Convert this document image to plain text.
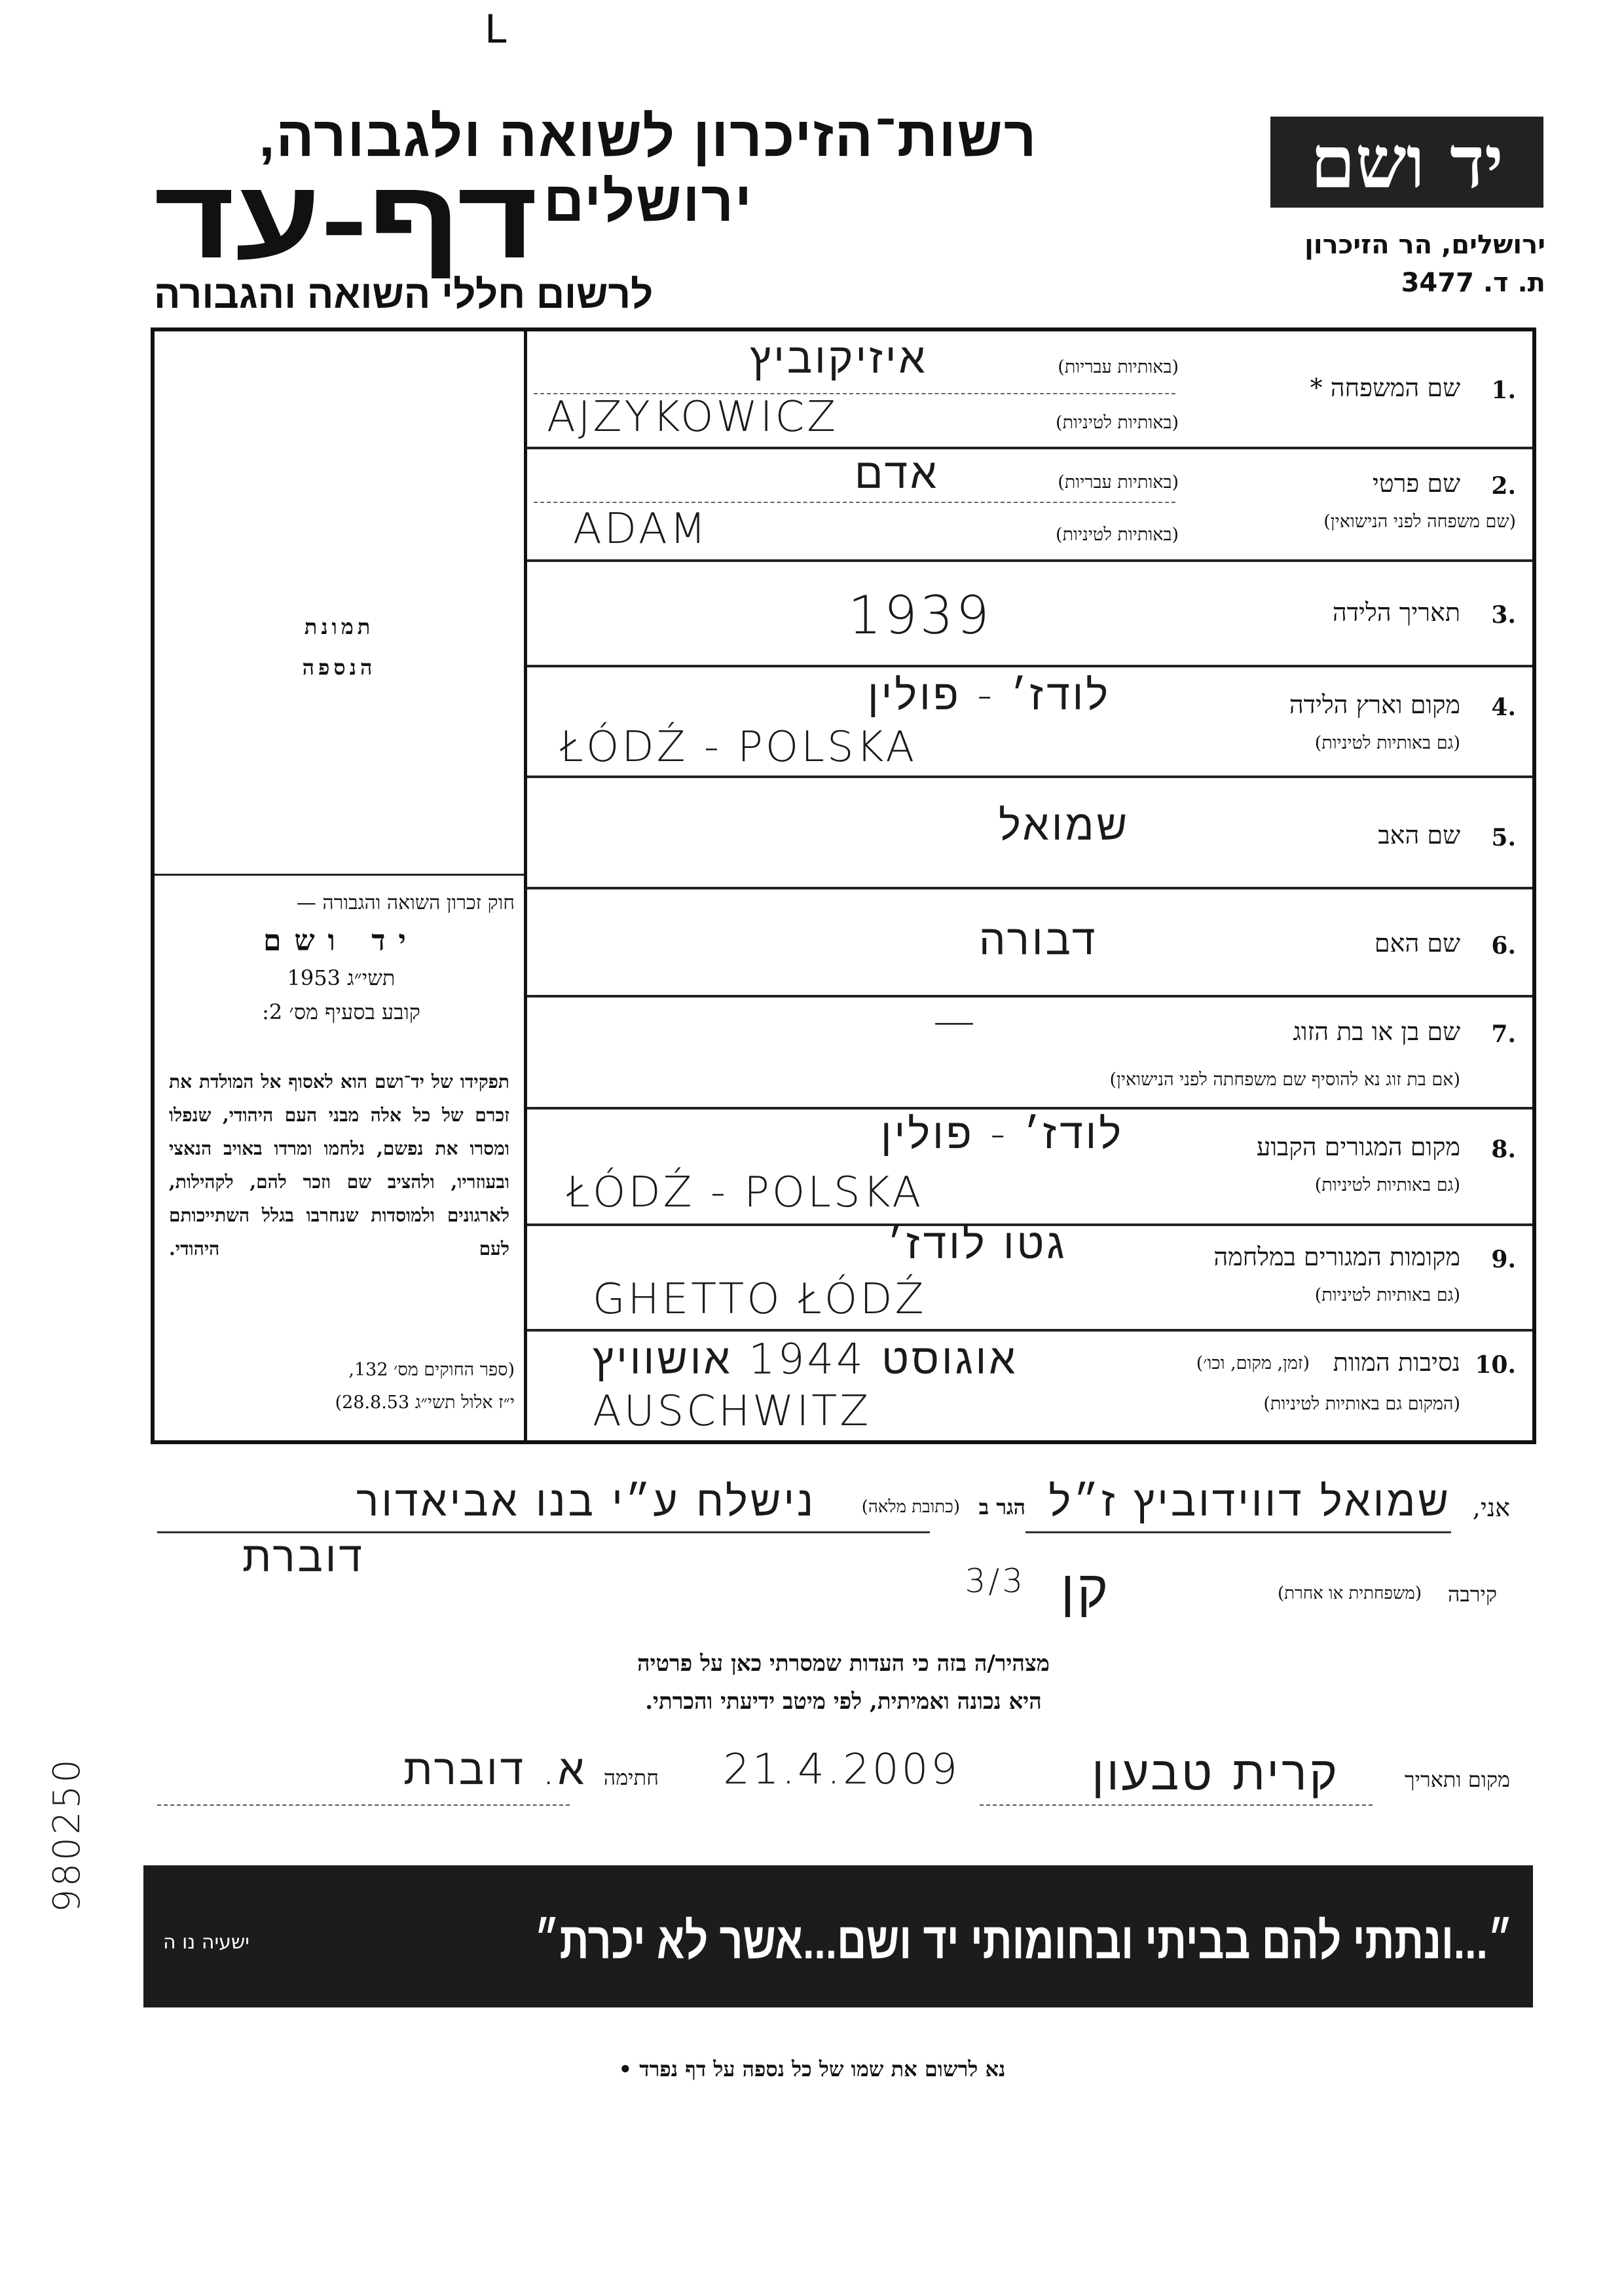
L
רשות־הזיכרון לשואה ולגבורה, ירושלים
דף-עד
לרשום חללי השואה והגבורה
יד ושם
ירושלים, הר הזיכרון
ת. ד. 3477
תמונת
הנספה
חוק זכרון השואה והגבורה —
יד ושם
תשי״ג 1953
קובע בסעיף מס׳ 2:
תפקידו של יד־ושם הוא לאסוף אל המולדת את זכרם של כל אלה מבני העם היהודי, שנפלו ומסרו את נפשם, נלחמו ומרדו באויב הנאצי ובעוזריו, ולהציב שם וזכר להם, לקהילות, לארגונים ולמוסדות שנחרבו בגלל השתייכותם לעם היהודי.
(ספר החוקים מס׳ 132,
י״ז אלול תשי״ג 28.8.53)
1.
שם המשפחה *
(באותיות עבריות)
(באותיות לטיניות)
איזיקוביץ
AJZYKOWICZ
2.
שם פרטי
(שם משפחה לפני הנישואין)
(באותיות עבריות)
(באותיות לטיניות)
אדם
ADAM
3.
תאריך הלידה
1939
4.
מקום וארץ הלידה
(גם באותיות לטיניות)
לודז׳ - פולין
ŁÓDŹ - POLSKA
5.
שם האב
שמואל
6.
שם האם
דבורה
7.
שם בן או בת הזוג
(אם בת זוג נא להוסיף שם משפחתה לפני הנישואין)
—
8.
מקום המגורים הקבוע
(גם באותיות לטיניות)
לודז׳ - פולין
ŁÓDŹ - POLSKA
9.
מקומות המגורים במלחמה
(גם באותיות לטיניות)
גטו לודז׳
GHETTO ŁÓDŹ
10.
נסיבות המוות
(זמן, מקום, וכו׳)
(המקום גם באותיות לטיניות)
אוגוסט 1944 אושוויץ
AUSCHWITZ
אני,
שמואל דווידוביץ ז״ל
הגר ב
(כתובת מלאה)
נישלח ע״י בנו אביאדור
דוברת
קירבה
(משפחתית או אחרת)
קן
3/3
מצהיר/ה בזה כי העדות שמסרתי כאן על פרטיה
היא נכונה ואמיתית, לפי מיטב ידיעתי והכרתי.
מקום ותאריך
קרית טבעון
21.4.2009
חתימה
א. דוברת
״...ונתתי להם בביתי ובחומותי יד ושם...אשר לא יכרת״
ישעיה נו ה
נא לרשום את שמו של כל נספה על דף נפרד •
980250
